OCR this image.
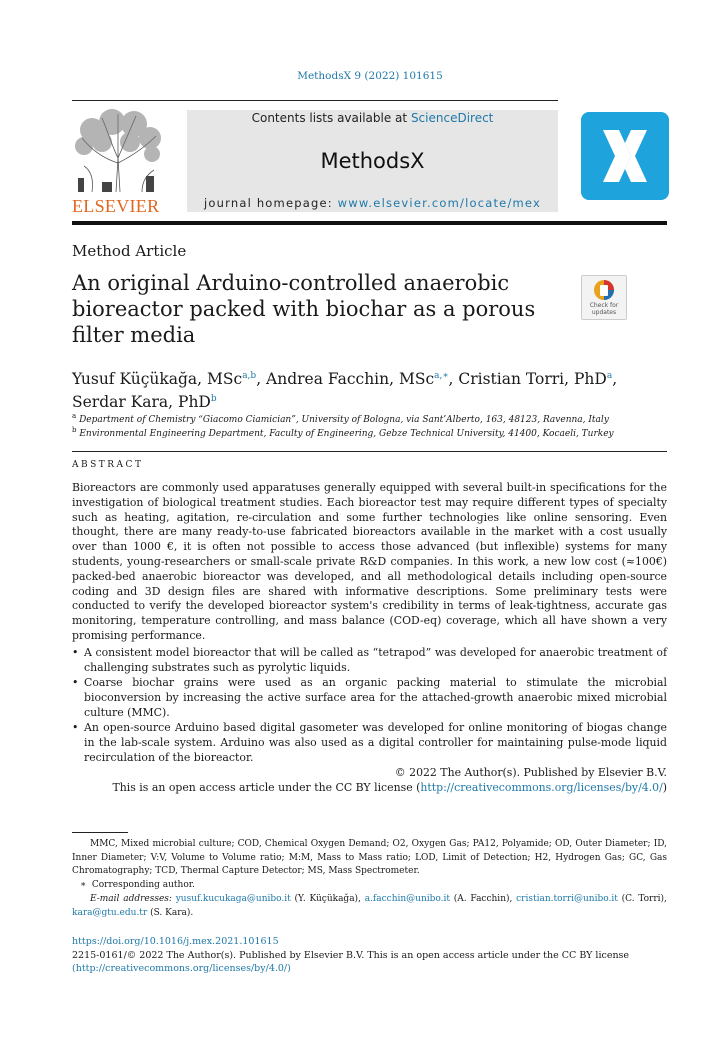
MethodsX 9 (2022) 101615
ELSEVIER
Contents lists available at ScienceDirect
MethodsX
journal homepage: www.elsevier.com/locate/mex
Method Article
An original Arduino-controlled anaerobic bioreactor packed with biochar as a porous filter media
Check for updates
Yusuf Küçükağa, MSc$^{a,b}$, Andrea Facchin, MSc$^{a,∗}$, Cristian Torri, PhD$^a$,
Serdar Kara, PhD$^b$
$^a$ Department of Chemistry “Giacomo Ciamician”, University of Bologna, via Sant’Alberto, 163, 48123, Ravenna, Italy
$^b$ Environmental Engineering Department, Faculty of Engineering, Gebze Technical University, 41400, Kocaeli, Turkey
ABSTRACT
Bioreactors are commonly used apparatuses generally equipped with several built-in specifications for the investigation of biological treatment studies. Each bioreactor test may require different types of specialty such as heating, agitation, re-circulation and some further technologies like online sensoring. Even thought, there are many ready-to-use fabricated bioreactors available in the market with a cost usually over than 1000 €, it is often not possible to access those advanced (but inflexible) systems for many students, young-researchers or small-scale private R&D companies. In this work, a new low cost (≈100€) packed-bed anaerobic bioreactor was developed, and all methodological details including open-source coding and 3D design files are shared with informative descriptions. Some preliminary tests were conducted to verify the developed bioreactor system's credibility in terms of leak-tightness, accurate gas monitoring, temperature controlling, and mass balance (COD-eq) coverage, which all have shown a very promising performance.
• A consistent model bioreactor that will be called as “tetrapod” was developed for anaerobic treatment of challenging substrates such as pyrolytic liquids.
• Coarse biochar grains were used as an organic packing material to stimulate the microbial bioconversion by increasing the active surface area for the attached-growth anaerobic mixed microbial culture (MMC).
• An open-source Arduino based digital gasometer was developed for online monitoring of biogas change in the lab-scale system. Arduino was also used as a digital controller for maintaining pulse-mode liquid recirculation of the bioreactor.
© 2022 The Author(s). Published by Elsevier B.V.
This is an open access article under the CC BY license (http://creativecommons.org/licenses/by/4.0/)
MMC, Mixed microbial culture; COD, Chemical Oxygen Demand; O2, Oxygen Gas; PA12, Polyamide; OD, Outer Diameter; ID, Inner Diameter; V:V, Volume to Volume ratio; M:M, Mass to Mass ratio; LOD, Limit of Detection; H2, Hydrogen Gas; GC, Gas Chromatography; TCD, Thermal Capture Detector; MS, Mass Spectrometer.
∗ Corresponding author.
E-mail addresses: yusuf.kucukaga@unibo.it (Y. Küçükağa), a.facchin@unibo.it (A. Facchin), cristian.torri@unibo.it (C. Torri), kara@gtu.edu.tr (S. Kara).
https://doi.org/10.1016/j.mex.2021.101615
2215-0161/© 2022 The Author(s). Published by Elsevier B.V. This is an open access article under the CC BY license
(http://creativecommons.org/licenses/by/4.0/)
